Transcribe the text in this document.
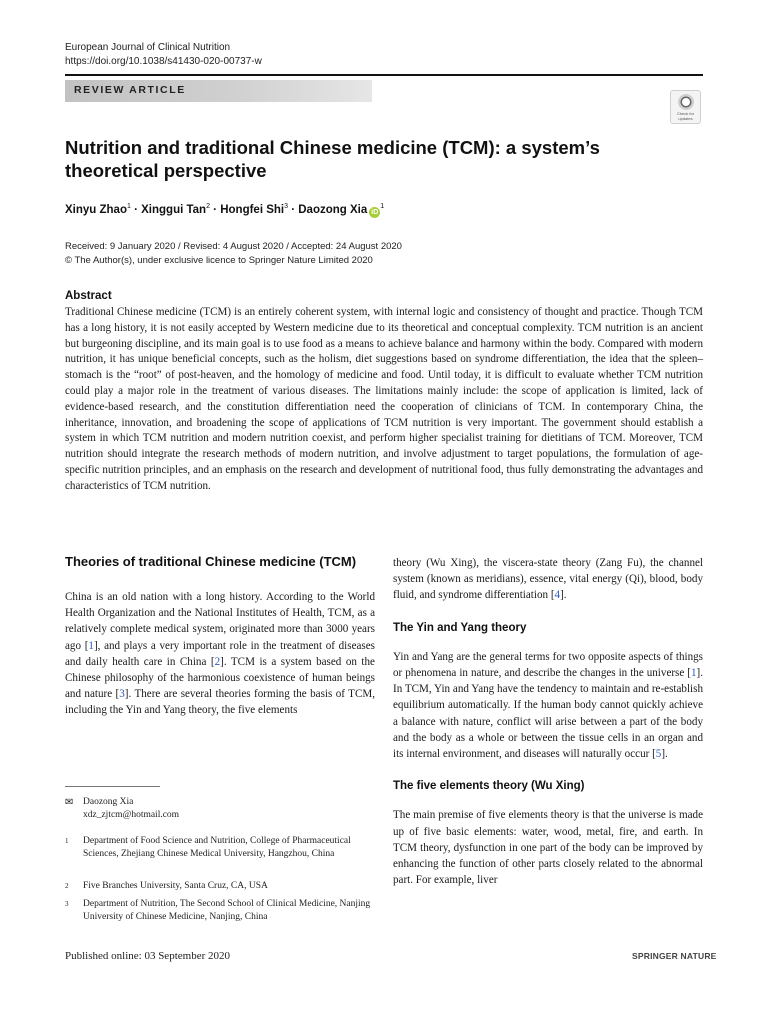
European Journal of Clinical Nutrition
https://doi.org/10.1038/s41430-020-00737-w
REVIEW ARTICLE
Check for updates
Nutrition and traditional Chinese medicine (TCM): a system’s theoretical perspective
Xinyu Zhao$^1$ · Xinggui Tan$^2$ · Hongfei Shi$^3$ · Daozong Xia $iD^1$
Received: 9 January 2020 / Revised: 4 August 2020 / Accepted: 24 August 2020
© The Author(s), under exclusive licence to Springer Nature Limited 2020
Abstract
Traditional Chinese medicine (TCM) is an entirely coherent system, with internal logic and consistency of thought and practice. Though TCM has a long history, it is not easily accepted by Western medicine due to its theoretical and conceptual complexity. TCM nutrition is an ancient but burgeoning discipline, and its main goal is to use food as a means to achieve balance and harmony within the body. Compared with modern nutrition, it has unique beneficial concepts, such as the holism, diet suggestions based on syndrome differentiation, the idea that the spleen–stomach is the “root” of post-heaven, and the homology of medicine and food. Until today, it is difficult to evaluate whether TCM nutrition could play a major role in the treatment of various diseases. The limitations mainly include: the scope of application is limited, lack of evidence-based research, and the constitution differentiation need the cooperation of clinicians of TCM. In contemporary China, the inheritance, innovation, and broadening the scope of applications of TCM nutrition is very important. The government should establish a system in which TCM nutrition and modern nutrition coexist, and perform higher specialist training for dietitians of TCM. Moreover, TCM nutrition should integrate the research methods of modern nutrition, and involve adjustment to target populations, the formulation of age-specific nutrition principles, and an emphasis on the research and development of nutritional food, thus fully demonstrating the advantages and characteristics of TCM nutrition.
Theories of traditional Chinese medicine (TCM)

China is an old nation with a long history. According to the World Health Organization and the National Institutes of Health, TCM, as a relatively complete medical system, originated more than 3000 years ago [1], and plays a very important role in the treatment of diseases and daily health care in China [2]. TCM is a system based on the Chinese philosophy of the harmonious coexistence of human beings and nature [3]. There are several theories forming the basis of TCM, including the Yin and Yang theory, the five elements

✉ Daozong Xia
xdz_zjtcm@hotmail.com
1 Department of Food Science and Nutrition, College of Pharmaceutical Sciences, Zhejiang Chinese Medical University, Hangzhou, China
2 Five Branches University, Santa Cruz, CA, USA
3 Department of Nutrition, The Second School of Clinical Medicine, Nanjing University of Chinese Medicine, Nanjing, China

theory (Wu Xing), the viscera-state theory (Zang Fu), the channel system (known as meridians), essence, vital energy (Qi), blood, body fluid, and syndrome differentiation [4].

The Yin and Yang theory

Yin and Yang are the general terms for two opposite aspects of things or phenomena in nature, and describe the changes in the universe [1]. In TCM, Yin and Yang have the tendency to maintain and re-establish equilibrium automatically. If the human body cannot quickly achieve a balance with nature, conflict will arise between a part of the body and the body as a whole or between the tissue cells in an organ and its internal environment, and diseases will naturally occur [5].

The five elements theory (Wu Xing)

The main premise of five elements theory is that the universe is made up of five basic elements: water, wood, metal, fire, and earth. In TCM theory, dysfunction in one part of the body can be improved by enhancing the function of other parts closely related to the abnormal part. For example, liver

Published online: 03 September 2020	SPRINGER NATURE
